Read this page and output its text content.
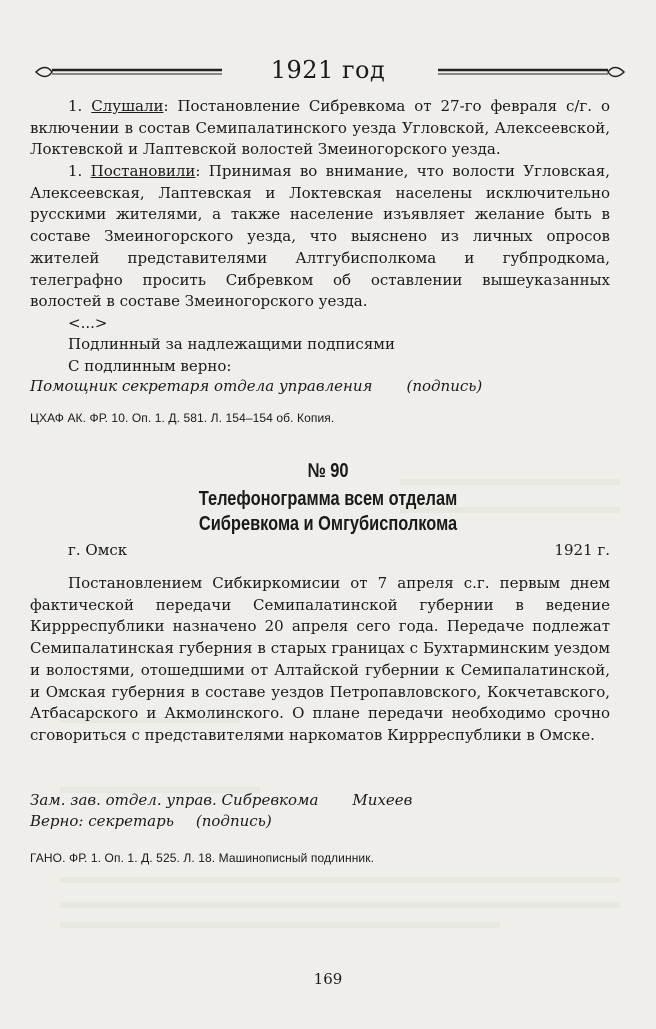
1921 год
1. Слушали: Постановление Сибревкома от 27-го февраля с/г. о включении в состав Семипалатинского уезда Угловской, Алексеевской, Локтевской и Лаптевской волостей Змеиногорского уезда.
1. Постановили: Принимая во внимание, что волости Угловская, Алексеевская, Лаптевская и Локтевская населены исключительно русскими жителями, а также население изъявляет желание быть в составе Змеиногорского уезда, что выяснено из личных опросов жителей представителями Алтгубисполкома и губпродкома, телеграфно просить Сибревком об оставлении вышеуказанных волостей в составе Змеиногорского уезда.
<...>
Подлинный за надлежащими подписями
С подлинным верно:
Помощник секретаря отдела управления (подпись)
ЦХАФ АК. ФР. 10. Оп. 1. Д. 581. Л. 154–154 об. Копия.
№ 90
Телефонограмма всем отделам
Сибревкома и Омгубисполкома
г. Омск	1921 г.
Постановлением Сибкиркомисии от 7 апреля с.г. первым днем фактической передачи Семипалатинской губернии в ведение Киррреспублики назначено 20 апреля сего года. Передаче подлежат Семипалатинская губерния в старых границах с Бухтарминским уездом и волостями, отошедшими от Алтайской губернии к Семипалатинской, и Омская губерния в составе уездов Петропавловского, Кокчетавского, Атбасарского и Акмолинского. О плане передачи необходимо срочно сговориться с представителями наркоматов Киррреспублики в Омске.
Зам. зав. отдел. управ. Сибревкома Михеев
Верно: секретарь (подпись)
ГАНО. ФР. 1. Оп. 1. Д. 525. Л. 18. Машинописный подлинник.
169
